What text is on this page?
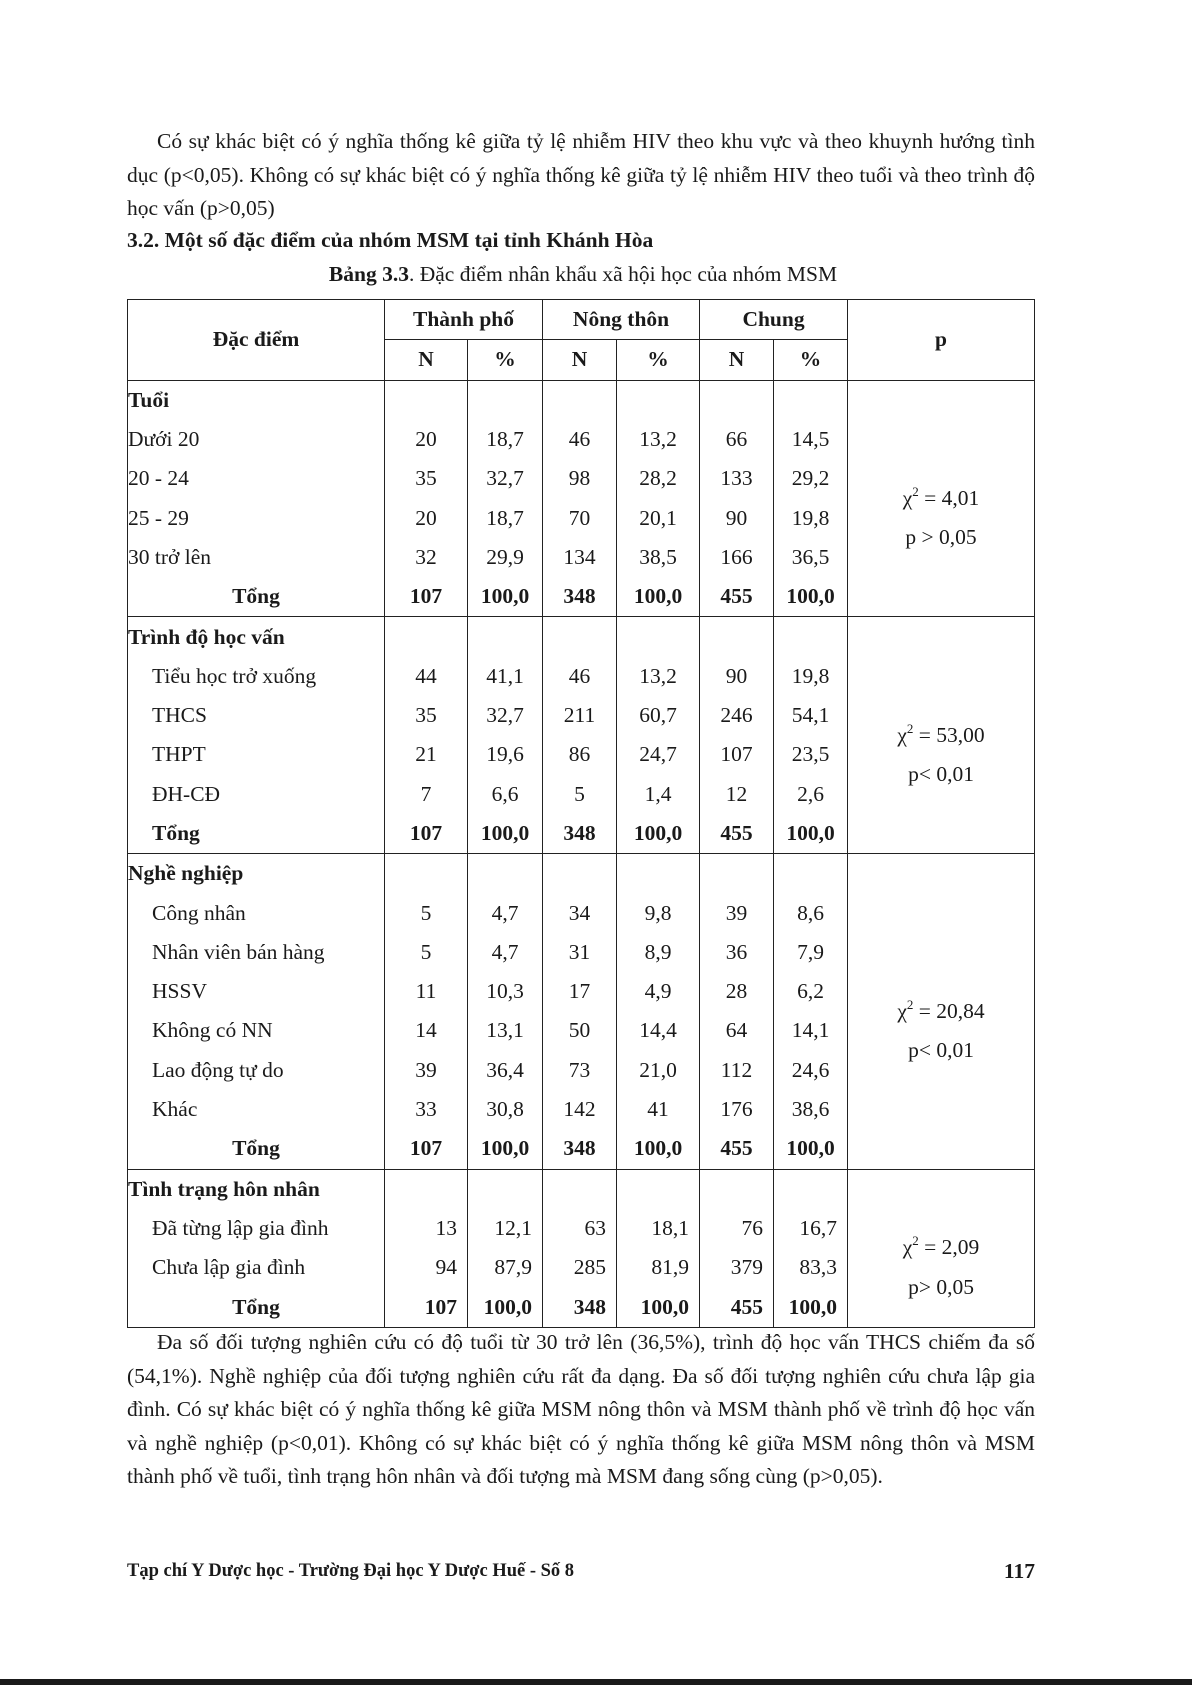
Có sự khác biệt có ý nghĩa thống kê giữa tỷ lệ nhiễm HIV theo khu vực và theo khuynh hướng tình dục (p<0,05). Không có sự khác biệt có ý nghĩa thống kê giữa tỷ lệ nhiễm HIV theo tuổi và theo trình độ học vấn (p>0,05)

3.2. Một số đặc điểm của nhóm MSM tại tỉnh Khánh Hòa

Bảng 3.3. Đặc điểm nhân khẩu xã hội học của nhóm MSM

Đặc điểm	Thành phố		Nông thôn		Chung		p
	N	%	N	%	N	%	
Tuổi							$\chi^2 = 4,01$
p > 0,05

Dưới 20	20	18,7	46	13,2	66	14,5	
20 - 24	35	32,7	98	28,2	133	29,2	
25 - 29	20	18,7	70	20,1	90	19,8	
30 trở lên	32	29,9	134	38,5	166	36,5	
Tổng	107	100,0	348	100,0	455	100,0	
Trình độ học vấn							$\chi^2 = 53,00$
p< 0,01

Tiểu học trở xuống	44	41,1	46	13,2	90	19,8	
THCS	35	32,7	211	60,7	246	54,1	
THPT	21	19,6	86	24,7	107	23,5	
ĐH-CĐ	7	6,6	5	1,4	12	2,6	
Tổng	107	100,0	348	100,0	455	100,0	
Nghề nghiệp							$\chi^2 = 20,84$
p< 0,01

Công nhân	5	4,7	34	9,8	39	8,6	
Nhân viên bán hàng	5	4,7	31	8,9	36	7,9	
HSSV	11	10,3	17	4,9	28	6,2	
Không có NN	14	13,1	50	14,4	64	14,1	
Lao động tự do	39	36,4	73	21,0	112	24,6	
Khác	33	30,8	142	41	176	38,6	
Tổng	107	100,0	348	100,0	455	100,0	
Tình trạng hôn nhân							$\chi^2 = 2,09$
p> 0,05

Đã từng lập gia đình	13	12,1	63	18,1	76	16,7	
Chưa lập gia đình	94	87,9	285	81,9	379	83,3	
Tổng	107	100,0	348	100,0	455	100,0	

Đa số đối tượng nghiên cứu có độ tuổi từ 30 trở lên (36,5%), trình độ học vấn THCS chiếm đa số (54,1%). Nghề nghiệp của đối tượng nghiên cứu rất đa dạng. Đa số đối tượng nghiên cứu chưa lập gia đình. Có sự khác biệt có ý nghĩa thống kê giữa MSM nông thôn và MSM thành phố về trình độ học vấn và nghề nghiệp (p<0,01). Không có sự khác biệt có ý nghĩa thống kê giữa MSM nông thôn và MSM thành phố về tuổi, tình trạng hôn nhân và đối tượng mà MSM đang sống cùng (p>0,05).

Tạp chí Y Dược học - Trường Đại học Y Dược Huế - Số 8	117
